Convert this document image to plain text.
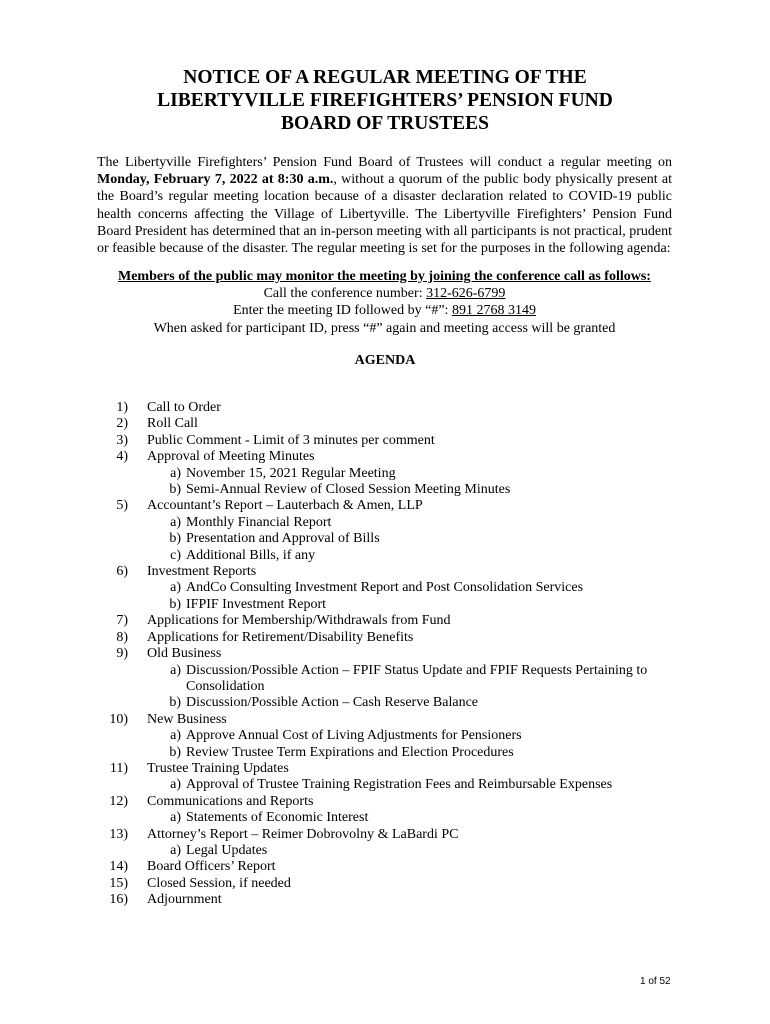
NOTICE OF A REGULAR MEETING OF THE
LIBERTYVILLE FIREFIGHTERS’ PENSION FUND
BOARD OF TRUSTEES
The Libertyville Firefighters’ Pension Fund Board of Trustees will conduct a regular meeting on Monday, February 7, 2022 at 8:30 a.m., without a quorum of the public body physically present at the Board’s regular meeting location because of a disaster declaration related to COVID-19 public health concerns affecting the Village of Libertyville. The Libertyville Firefighters’ Pension Fund Board President has determined that an in-person meeting with all participants is not practical, prudent or feasible because of the disaster. The regular meeting is set for the purposes in the following agenda:
Members of the public may monitor the meeting by joining the conference call as follows:
Call the conference number: 312-626-6799
Enter the meeting ID followed by “#”: 891 2768 3149
When asked for participant ID, press “#” again and meeting access will be granted
AGENDA
1) Call to Order
2) Roll Call
3) Public Comment - Limit of 3 minutes per comment
4) Approval of Meeting Minutes
a) November 15, 2021 Regular Meeting
b) Semi-Annual Review of Closed Session Meeting Minutes
5) Accountant’s Report – Lauterbach & Amen, LLP
a) Monthly Financial Report
b) Presentation and Approval of Bills
c) Additional Bills, if any
6) Investment Reports
a) AndCo Consulting Investment Report and Post Consolidation Services
b) IFPIF Investment Report
7) Applications for Membership/Withdrawals from Fund
8) Applications for Retirement/Disability Benefits
9) Old Business
a) Discussion/Possible Action – FPIF Status Update and FPIF Requests Pertaining to Consolidation
b) Discussion/Possible Action – Cash Reserve Balance
10) New Business
a) Approve Annual Cost of Living Adjustments for Pensioners
b) Review Trustee Term Expirations and Election Procedures
11) Trustee Training Updates
a) Approval of Trustee Training Registration Fees and Reimbursable Expenses
12) Communications and Reports
a) Statements of Economic Interest
13) Attorney’s Report – Reimer Dobrovolny & LaBardi PC
a) Legal Updates
14) Board Officers’ Report
15) Closed Session, if needed
16) Adjournment
1 of 52
